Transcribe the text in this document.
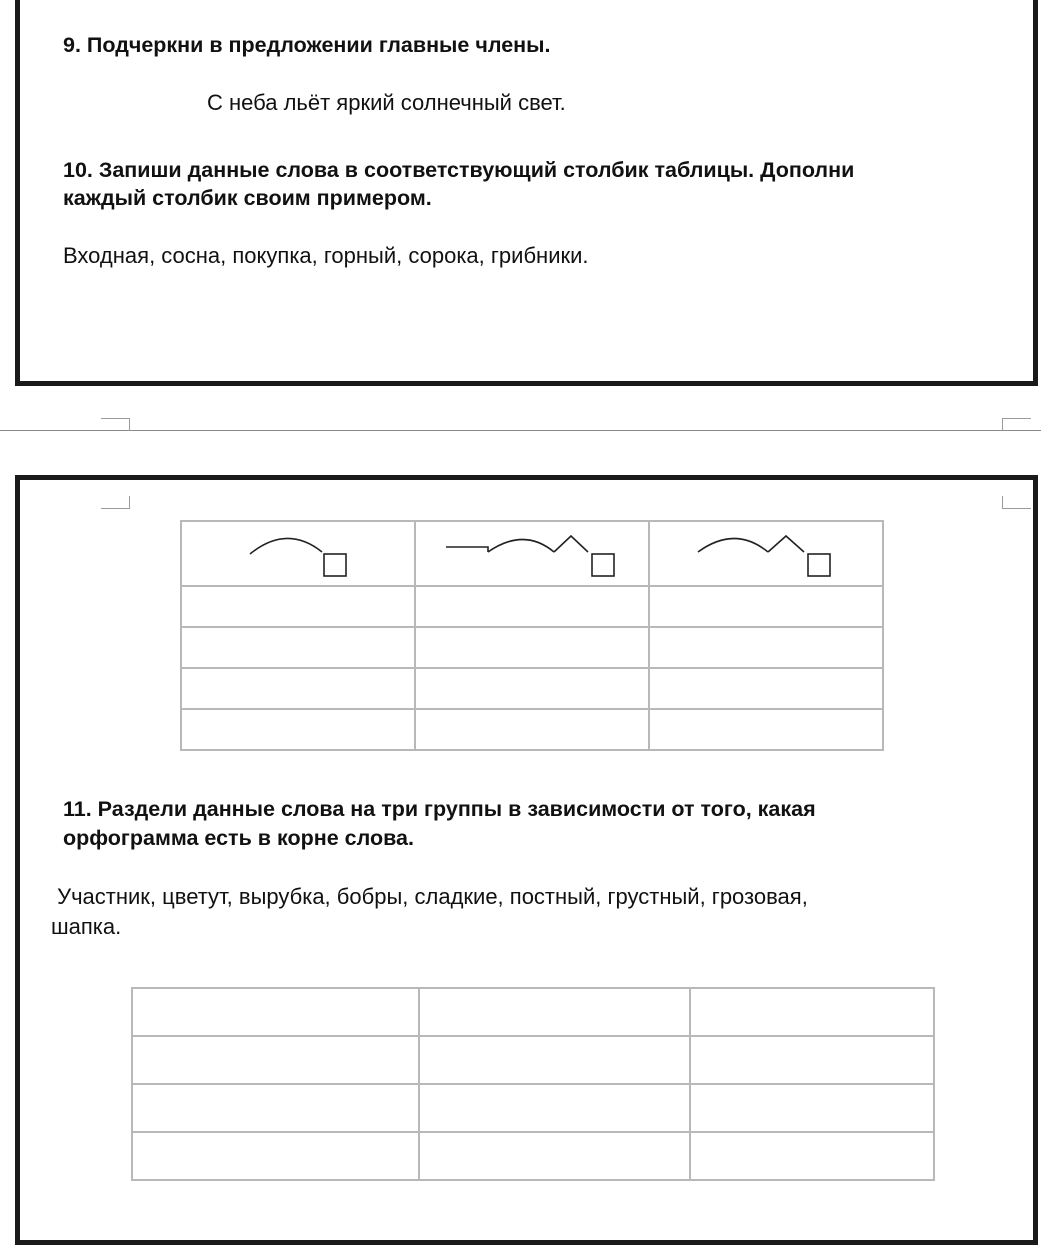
9. Подчеркни в предложении главные члены.
С неба льёт яркий солнечный свет.
10. Запиши данные слова в соответствующий столбик таблицы. Дополни
каждый столбик своим примером.
Входная, сосна, покупка, горный, сорока, грибники.

11. Раздели данные слова на три группы в зависимости от того, какая
орфограмма есть в корне слова.
Участник, цветут, вырубка, бобры, сладкие, постный, грустный, грозовая,
шапка.
